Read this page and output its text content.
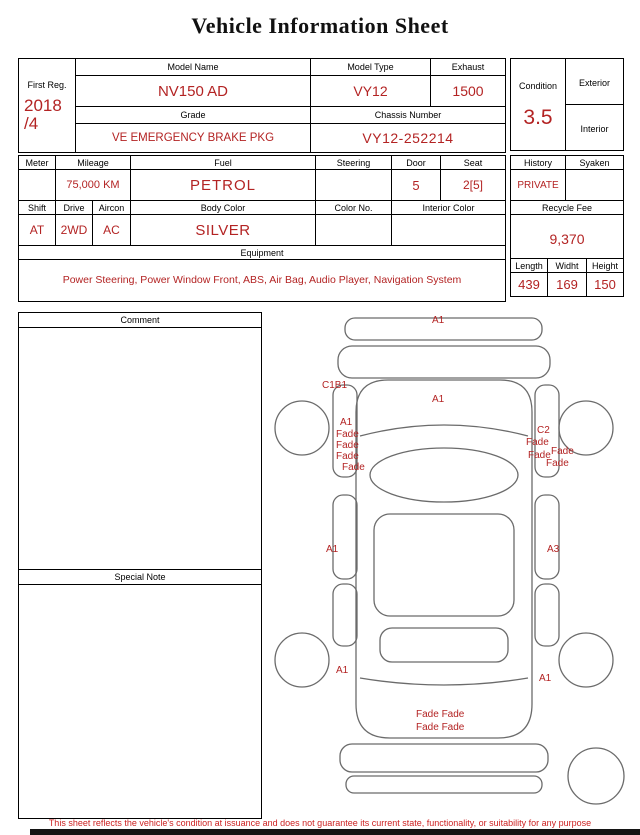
Vehicle Information Sheet
First Reg.
2018
/4	Model Name	Model Type	Exhaust
	NV150 AD	VY12	1500
	Grade	Chassis Number	
	VE EMERGENCY BRAKE PKG	VY12-252214	
Condition
3.5

Exterior

Interior
Meter	Mileage		Fuel	Steering	Door	Seat
	75,000 KM		PETROL		5	2[5]
Shift	Drive	Aircon	Body Color	Color No.	Interior Color	
AT	2WD	AC	SILVER			
Equipment						
Power Steering, Power Window Front, ABS, Air Bag, Audio Player, Navigation System						
History	Syaken
PRIVATE	
Recycle Fee	
9,370	
Length	Widht	Height
439	169	150
Comment
Special Note
A1
C1B1
A1
A1
Fade
Fade
Fade
Fade
C2
Fade
Fade
Fade
Fade
A1	A3
A1
A1
Fade Fade
Fade Fade
This sheet reflects the vehicle's condition at issuance and does not guarantee its current state, functionality, or suitability for any purpose
